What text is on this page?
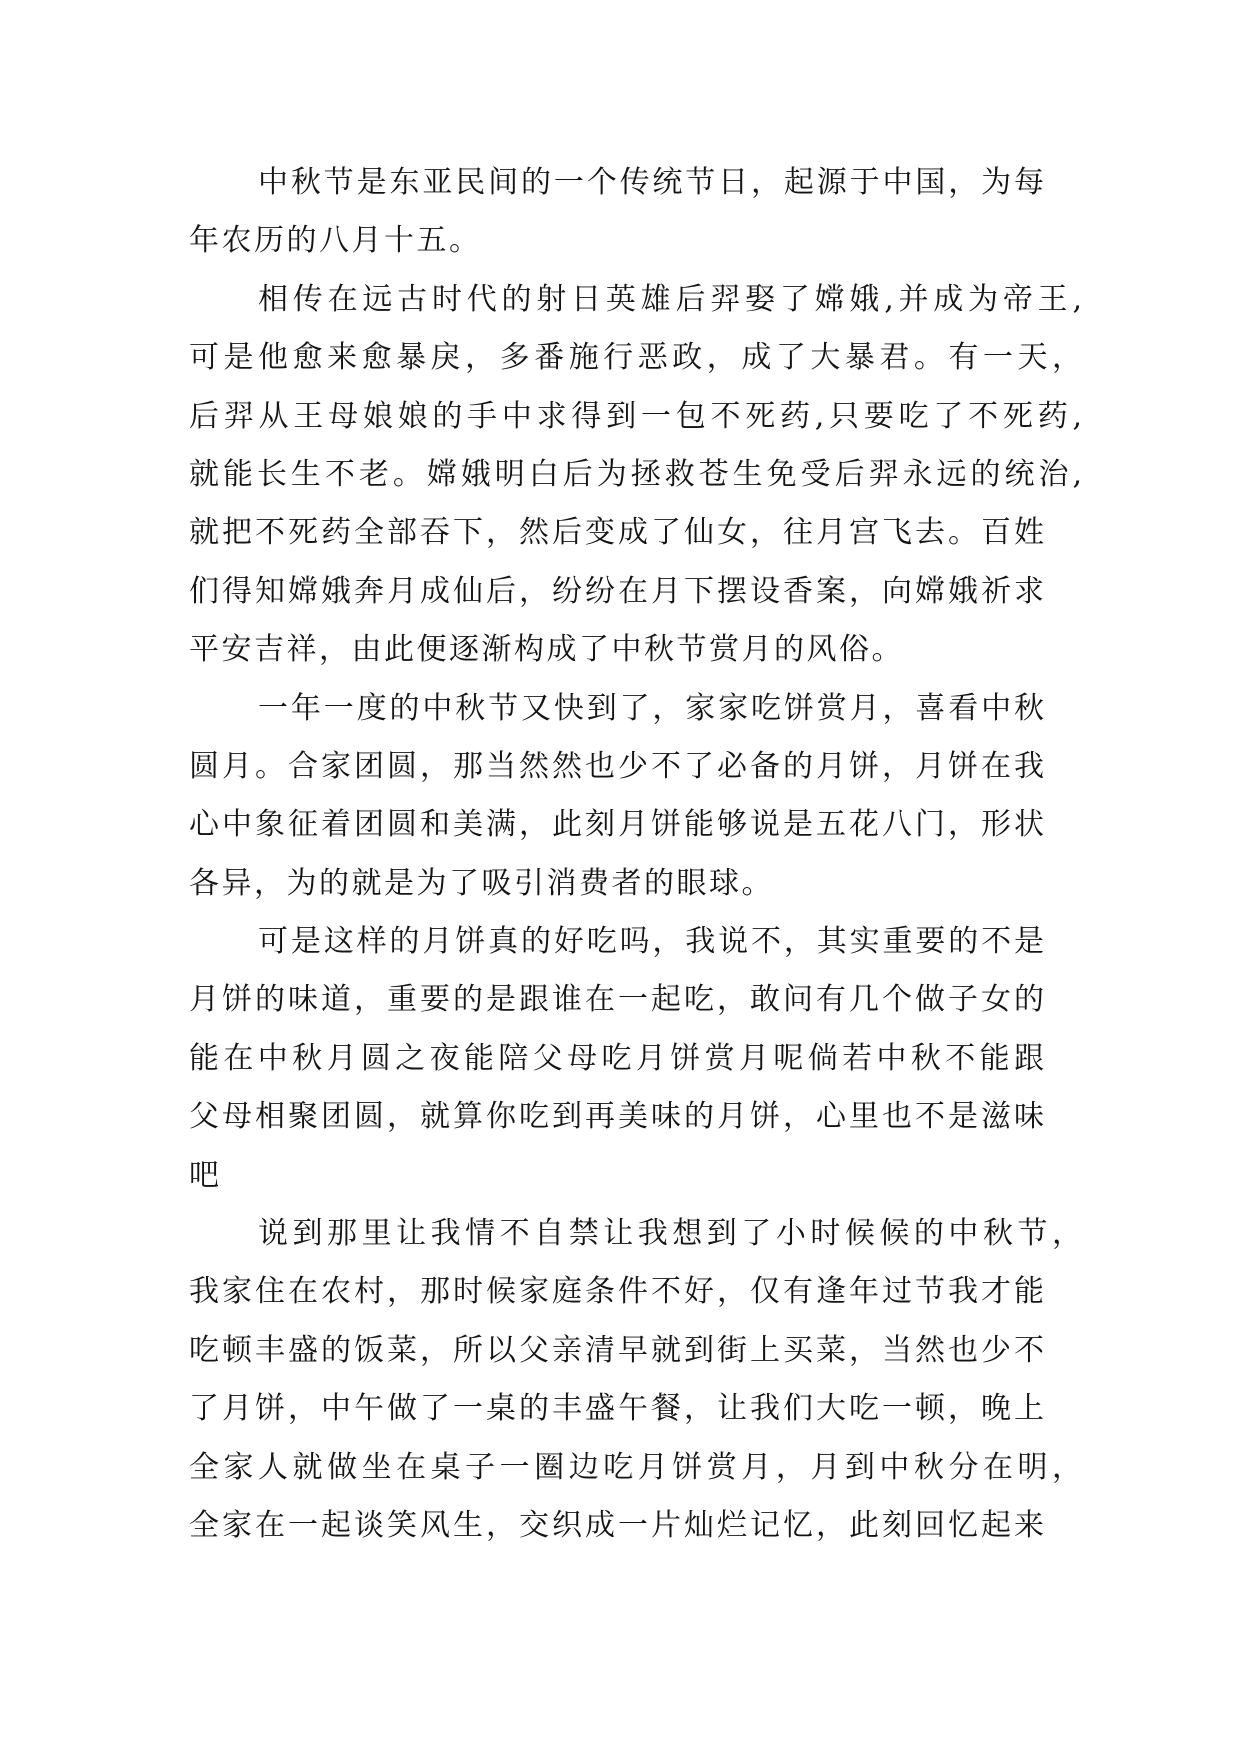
中秋节是东亚民间的一个传统节日，起源于中国，为每
年农历的八月十五。
相传在远古时代的射日英雄后羿娶了嫦娥,并成为帝王,
可是他愈来愈暴戾，多番施行恶政，成了大暴君。有一天，
后羿从王母娘娘的手中求得到一包不死药,只要吃了不死药,
就能长生不老。嫦娥明白后为拯救苍生免受后羿永远的统治,
就把不死药全部吞下，然后变成了仙女，往月宫飞去。百姓
们得知嫦娥奔月成仙后，纷纷在月下摆设香案，向嫦娥祈求
平安吉祥，由此便逐渐构成了中秋节赏月的风俗。
一年一度的中秋节又快到了，家家吃饼赏月，喜看中秋
圆月。合家团圆，那当然然也少不了必备的月饼，月饼在我
心中象征着团圆和美满，此刻月饼能够说是五花八门，形状
各异，为的就是为了吸引消费者的眼球。
可是这样的月饼真的好吃吗，我说不，其实重要的不是
月饼的味道，重要的是跟谁在一起吃，敢问有几个做子女的
能在中秋月圆之夜能陪父母吃月饼赏月呢倘若中秋不能跟
父母相聚团圆，就算你吃到再美味的月饼，心里也不是滋味
吧
说到那里让我情不自禁让我想到了小时候候的中秋节，
我家住在农村，那时候家庭条件不好，仅有逢年过节我才能
吃顿丰盛的饭菜，所以父亲清早就到街上买菜，当然也少不
了月饼，中午做了一桌的丰盛午餐，让我们大吃一顿，晚上
全家人就做坐在桌子一圈边吃月饼赏月，月到中秋分在明，
全家在一起谈笑风生，交织成一片灿烂记忆，此刻回忆起来
